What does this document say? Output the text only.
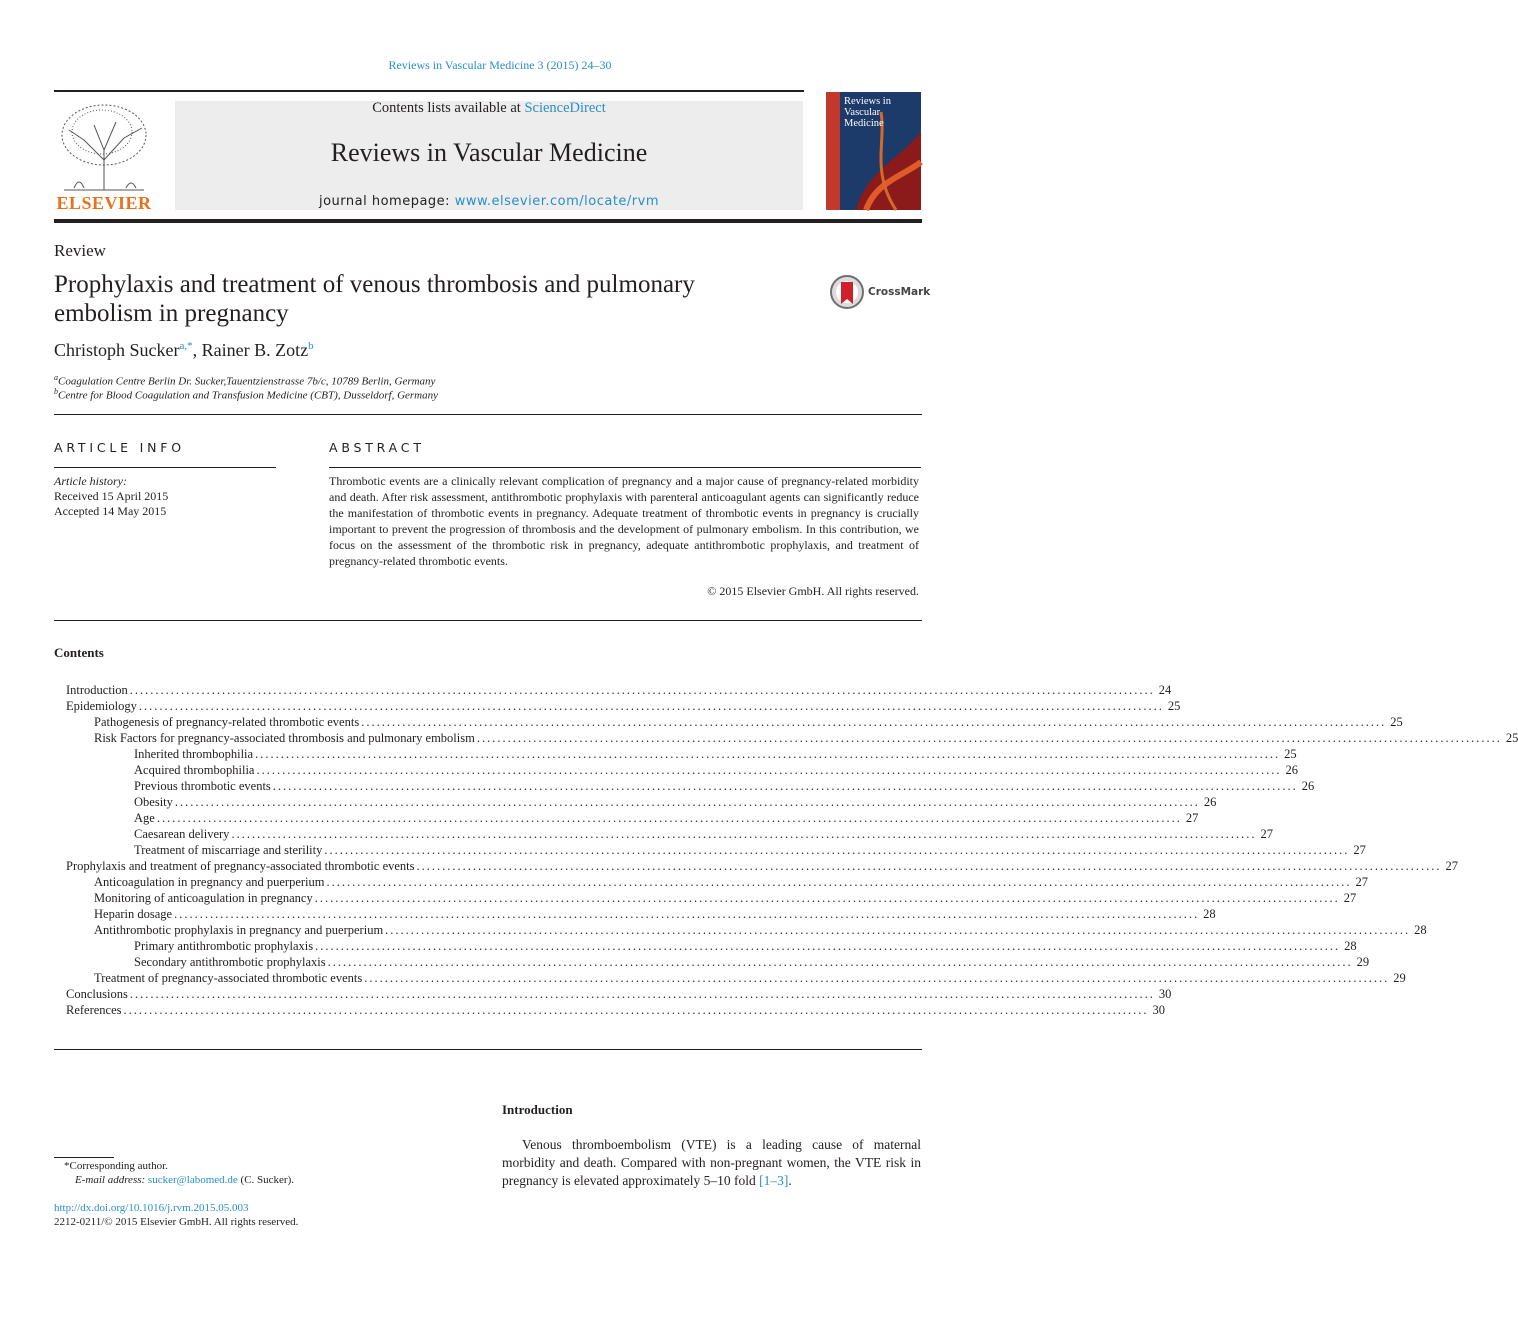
Reviews in Vascular Medicine 3 (2015) 24–30
ELSEVIER
Contents lists available at ScienceDirect
Reviews in Vascular Medicine
journal homepage: www.elsevier.com/locate/rvm
Reviews in
Vascular Medicine
Review
Prophylaxis and treatment of venous thrombosis and pulmonary embolism in pregnancy
CrossMark
Christoph Sucker$^{a,*}$, Rainer B. Zotz$^b$
$^a$Coagulation Centre Berlin Dr. Sucker,Tauentzienstrasse 7b/c, 10789 Berlin, Germany
$^b$Centre for Blood Coagulation and Transfusion Medicine (CBT), Dusseldorf, Germany
ARTICLE INFO
Article history:
Received 15 April 2015
Accepted 14 May 2015
ABSTRACT
Thrombotic events are a clinically relevant complication of pregnancy and a major cause of pregnancy-related morbidity and death. After risk assessment, antithrombotic prophylaxis with parenteral anticoagulant agents can significantly reduce the manifestation of thrombotic events in pregnancy. Adequate treatment of thrombotic events in pregnancy is crucially important to prevent the progression of thrombosis and the development of pulmonary embolism. In this contribution, we focus on the assessment of the thrombotic risk in pregnancy, adequate antithrombotic prophylaxis, and treatment of pregnancy-related thrombotic events.
© 2015 Elsevier GmbH. All rights reserved.
Contents
Introduction ........................................................................................................................................................................................................ 24
Epidemiology ........................................................................................................................................................................................................ 25
Pathogenesis of pregnancy-related thrombotic events ........................................................................................................................................................................................................ 25
Risk Factors for pregnancy-associated thrombosis and pulmonary embolism ........................................................................................................................................................................................................ 25
Inherited thrombophilia ........................................................................................................................................................................................................ 25
Acquired thrombophilia ........................................................................................................................................................................................................ 26
Previous thrombotic events ........................................................................................................................................................................................................ 26
Obesity ........................................................................................................................................................................................................ 26
Age ........................................................................................................................................................................................................ 27
Caesarean delivery ........................................................................................................................................................................................................ 27
Treatment of miscarriage and sterility ........................................................................................................................................................................................................ 27
Prophylaxis and treatment of pregnancy-associated thrombotic events ........................................................................................................................................................................................................ 27
Anticoagulation in pregnancy and puerperium ........................................................................................................................................................................................................ 27
Monitoring of anticoagulation in pregnancy ........................................................................................................................................................................................................ 27
Heparin dosage ........................................................................................................................................................................................................ 28
Antithrombotic prophylaxis in pregnancy and puerperium ........................................................................................................................................................................................................ 28
Primary antithrombotic prophylaxis ........................................................................................................................................................................................................ 28
Secondary antithrombotic prophylaxis ........................................................................................................................................................................................................ 29
Treatment of pregnancy-associated thrombotic events ........................................................................................................................................................................................................ 29
Conclusions ........................................................................................................................................................................................................ 30
References ........................................................................................................................................................................................................ 30
*Corresponding author.
E-mail address: sucker@labomed.de (C. Sucker).
http://dx.doi.org/10.1016/j.rvm.2015.05.003
2212-0211/© 2015 Elsevier GmbH. All rights reserved.
Introduction
Venous thromboembolism (VTE) is a leading cause of maternal morbidity and death. Compared with non-pregnant women, the VTE risk in pregnancy is elevated approximately 5–10 fold [1–3].
